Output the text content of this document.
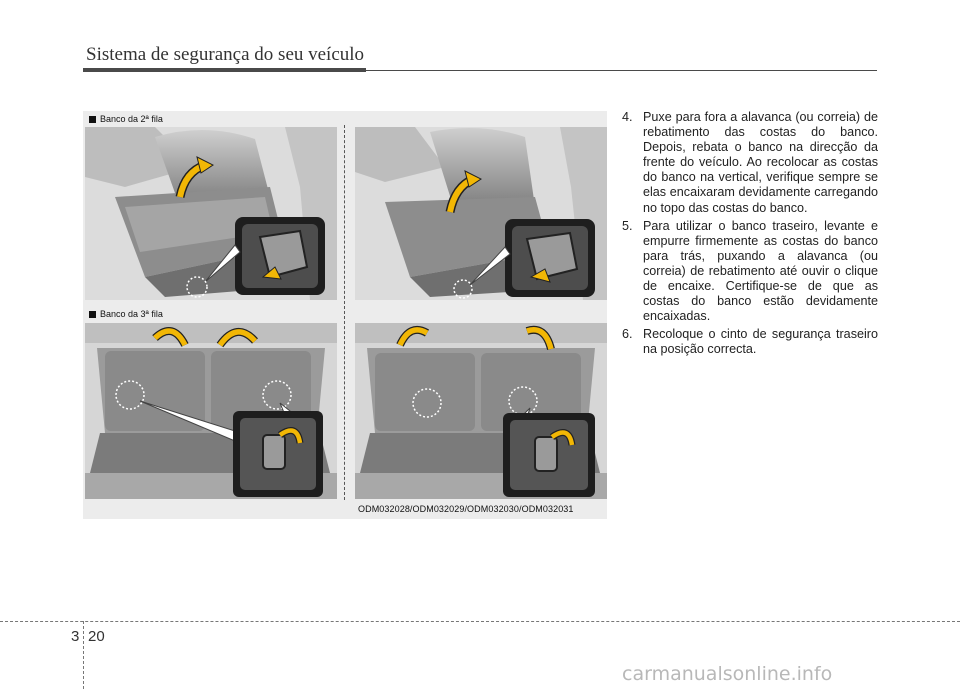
Sistema de segurança do seu veículo
Banco da 2ª fila
Banco da 3ª fila
ODM032028/ODM032029/ODM032030/ODM032031
4. Puxe para fora a alavanca (ou correia) de rebatimento das costas do banco. Depois, rebata o banco na direcção da frente do veículo. Ao recolocar as costas do banco na vertical, verifique sempre se elas encaixaram devidamente carregando no topo das costas do banco.
5. Para utilizar o banco traseiro, levante e empurre firmemente as costas do banco para trás, puxando a alavanca (ou correia) de rebatimento até ouvir o clique de encaixe. Certifique-se de que as costas do banco estão devidamente encaixadas.
6. Recoloque o cinto de segurança traseiro na posição correcta.
3 20
carmanualsonline.info
